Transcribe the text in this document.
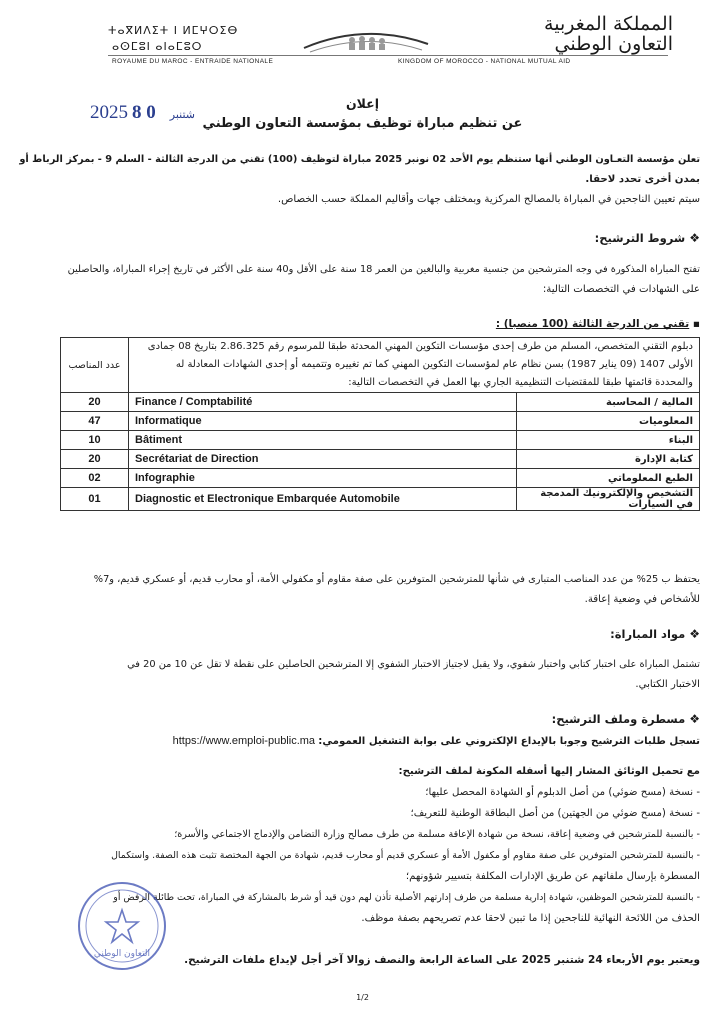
ⵜⴰⴳⵍⴷⵉⵜ ⵏ ⵍⵎⵖⵔⵉⴱ
ⴰⵙⵎⵓⵏ ⴰⵏⴰⵎⵓⵔ
ROYAUME DU MAROC - ENTRAIDE NATIONALE
المملكة المغربية
التعاون الوطني
KINGDOM OF MOROCCO - NATIONAL MUTUAL AID
2025	شتنبر 0 8	إعلان
عن تنظيم مباراة توظيف بمؤسسة التعاون الوطني
تعلن مؤسسة التعـاون الوطني أنها ستنظم يوم الأحد 02 نونبر 2025 مباراة لتوظيف (100) تقني من الدرجة الثالثة - السلم 9 - بمركز الرباط أو
بمدن أخرى تحدد لاحقا.
سيتم تعيين الناجحين في المباراة بالمصالح المركزية وبمختلف جهات وأقاليم المملكة حسب الخصاص.
❖شروط الترشيح:
تفتح المباراة المذكورة في وجه المترشحين من جنسية مغربية والبالغين من العمر 18 سنة على الأقل و40 سنة على الأكثر في تاريخ إجراء المباراة، والحاصلين
على الشهادات في التخصصات التالية:
▪ تقني من الدرجة الثالثة (100 منصبا) :
عدد المناصب	دبلوم التقني المتخصص، المسلم من طرف إحدى مؤسسات التكوين المهني المحدثة طبقا للمرسوم رقم 2.86.325 بتاريخ 08 جمادى الأولى 1407 (09 يناير 1987) بسن نظام عام لمؤسسات التكوين المهني كما تم تغييره وتتميمه أو إحدى الشهادات المعادلة له والمحددة قائمتها طبقا للمقتضيات التنظيمية الجاري بها العمل في التخصصات التالية:	
20	Finance / Comptabilité	المالية / المحاسبة
47	Informatique	المعلوميات
10	Bâtiment	البناء
20	Secrétariat de Direction	كتابة الإدارة
02	Infographie	الطبع المعلوماتي
01	Diagnostic et Electronique Embarquée Automobile	التشخيص والإلكترونيك المدمجة في السيارات
يحتفظ ب 25% من عدد المناصب المتبارى في شأنها للمترشحين المتوفرين على صفة مقاوم أو مكفولي الأمة، أو محارب قديم، أو عسكري قديم، و7%
للأشخاص في وضعية إعاقة.
❖مواد المباراة:
تشتمل المباراة على اختبار كتابي واختبار شفوي، ولا يقبل لاجتياز الاختبار الشفوي إلا المترشحين الحاصلين على نقطة لا تقل عن 10 من 20 في
الاختبار الكتابي.
❖مسطرة وملف الترشيح:
تسجل طلبات الترشيح وجوبا بالإيداع الإلكتروني على بوابة التشغيل العمومي: https://www.emploi-public.ma
مع تحميل الوثائق المشار إليها أسفله المكونة لملف الترشيح:
- نسخة (مسح ضوئي) من أصل الدبلوم أو الشهادة المحصل عليها؛
- نسخة (مسح ضوئي من الجهتين) من أصل البطاقة الوطنية للتعريف؛
- بالنسبة للمترشحين في وضعية إعاقة، نسخة من شهادة الإعاقة مسلمة من طرف مصالح وزارة التضامن والإدماج الاجتماعي والأسرة؛
- بالنسبة للمترشحين المتوفرين على صفة مقاوم أو مكفول الأمة أو عسكري قديم أو محارب قديم، شهادة من الجهة المختصة تثبت هذه الصفة. واستكمال
المسطرة بإرسال ملفاتهم عن طريق الإدارات المكلفة بتسيير شؤونهم؛
- بالنسبة للمترشحين الموظفين، شهادة إدارية مسلمة من طرف إدارتهم الأصلية تأذن لهم دون قيد أو شرط بالمشاركة في المباراة، تحت طائلة الرفض أو
الحذف من اللائحة النهائية للناجحين إذا ما تبين لاحقا عدم تصريحهم بصفة موظف.
ويعتبر يوم الأربعاء 24 شتنبر 2025 على الساعة الرابعة والنصف زوالا آخر أجل لإيداع ملفات الترشيح.
التعاون الوطني
1/2
